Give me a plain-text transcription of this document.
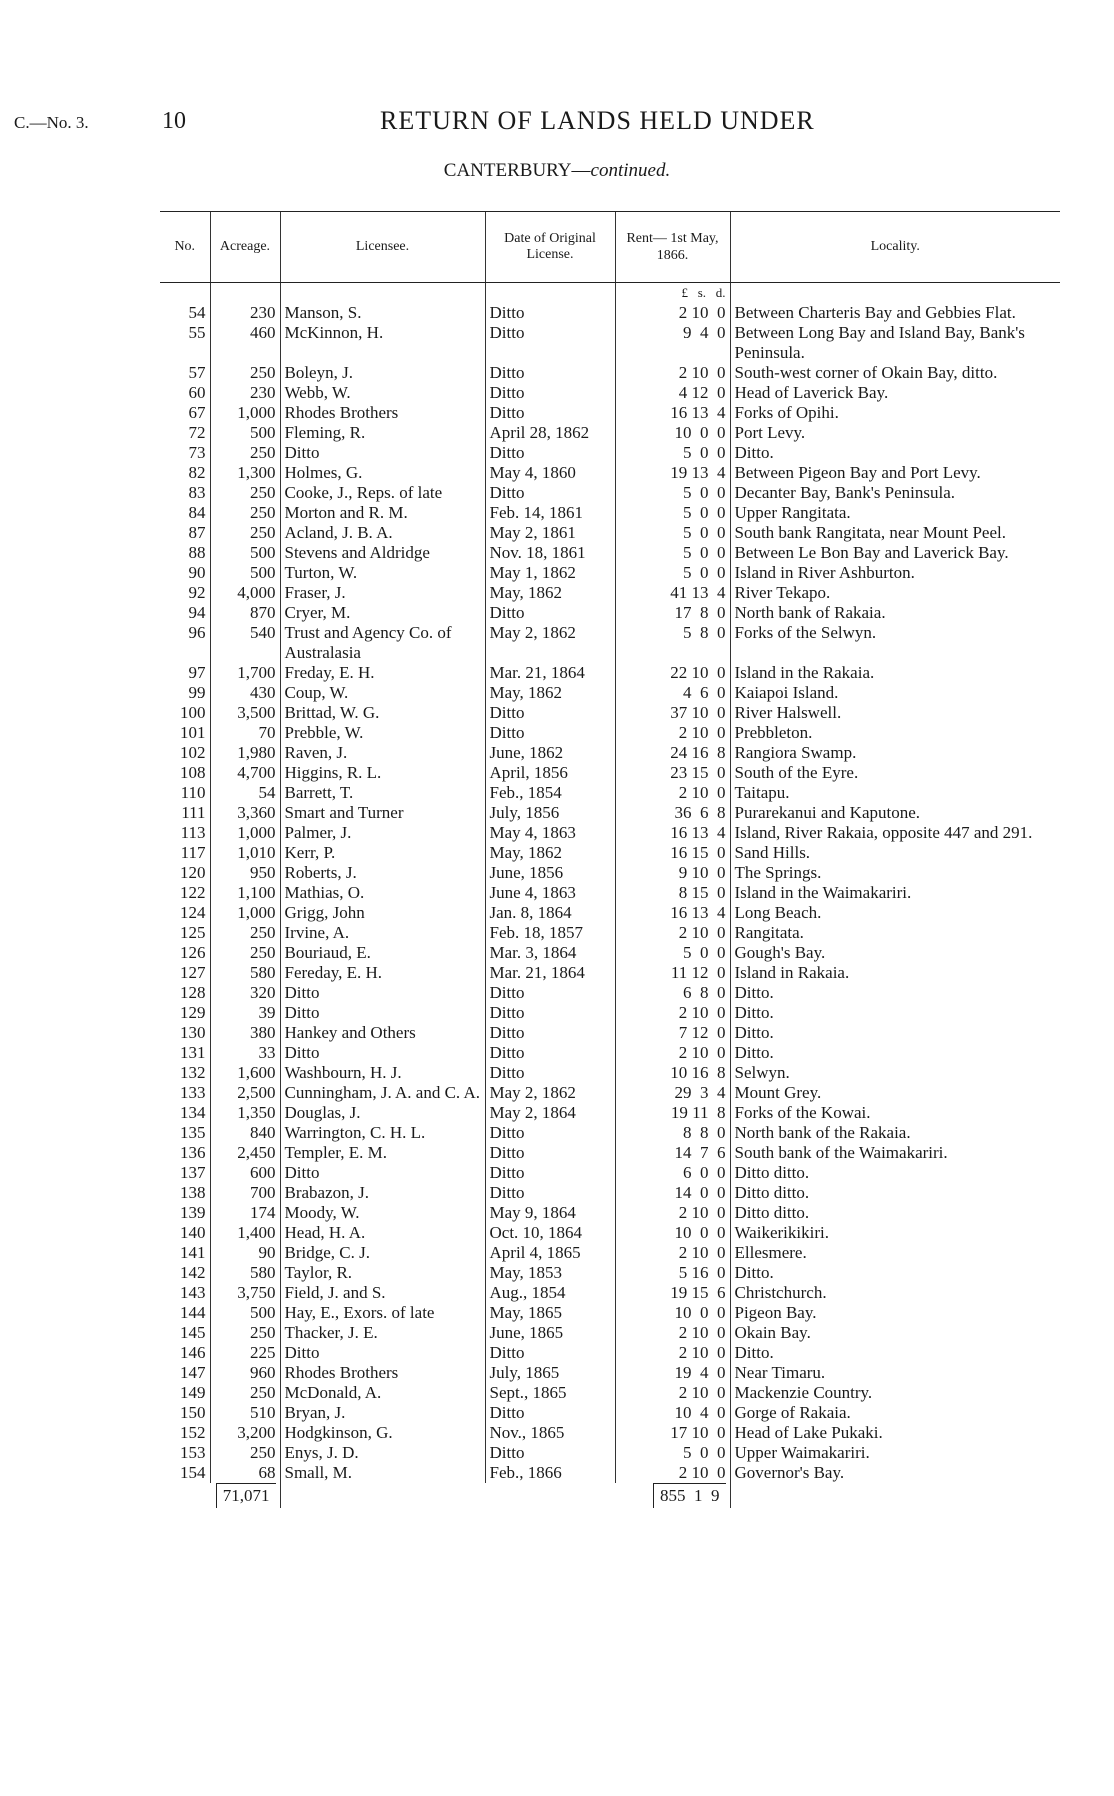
C.—No. 3.	10	RETURN OF LANDS HELD UNDER
CANTERBURY—continued.
No.	Acreage.	Licensee.	Date of Original License.	Rent— 1st May, 1866.	Locality.
				£   s.   d.	
54	230	Manson, S.	Ditto	2 10  0	Between Charteris Bay and Gebbies Flat.
55	460	McKinnon, H.	Ditto	9  4  0	Between Long Bay and Island Bay, Bank's Peninsula.
57	250	Boleyn, J.	Ditto	2 10  0	South-west corner of Okain Bay, ditto.
60	230	Webb, W.	Ditto	4 12  0	Head of Laverick Bay.
67	1,000	Rhodes Brothers	Ditto	16 13  4	Forks of Opihi.
72	500	Fleming, R.	April 28, 1862	10  0  0	Port Levy.
73	250	Ditto	Ditto	5  0  0	Ditto.
82	1,300	Holmes, G.	May 4, 1860	19 13  4	Between Pigeon Bay and Port Levy.
83	250	Cooke, J., Reps. of late	Ditto	5  0  0	Decanter Bay, Bank's Peninsula.
84	250	Morton and R. M.	Feb. 14, 1861	5  0  0	Upper Rangitata.
87	250	Acland, J. B. A.	May 2, 1861	5  0  0	South bank Rangitata, near Mount Peel.
88	500	Stevens and Aldridge	Nov. 18, 1861	5  0  0	Between Le Bon Bay and Laverick Bay.
90	500	Turton, W.	May 1, 1862	5  0  0	Island in River Ashburton.
92	4,000	Fraser, J.	May, 1862	41 13  4	River Tekapo.
94	870	Cryer, M.	Ditto	17  8  0	North bank of Rakaia.
96	540	Trust and Agency Co. of Australasia	May 2, 1862	5  8  0	Forks of the Selwyn.
97	1,700	Freday, E. H.	Mar. 21, 1864	22 10  0	Island in the Rakaia.
99	430	Coup, W.	May, 1862	4  6  0	Kaiapoi Island.
100	3,500	Brittad, W. G.	Ditto	37 10  0	River Halswell.
101	70	Prebble, W.	Ditto	2 10  0	Prebbleton.
102	1,980	Raven, J.	June, 1862	24 16  8	Rangiora Swamp.
108	4,700	Higgins, R. L.	April, 1856	23 15  0	South of the Eyre.
110	54	Barrett, T.	Feb., 1854	2 10  0	Taitapu.
111	3,360	Smart and Turner	July, 1856	36  6  8	Purarekanui and Kaputone.
113	1,000	Palmer, J.	May 4, 1863	16 13  4	Island, River Rakaia, opposite 447 and 291.
117	1,010	Kerr, P.	May, 1862	16 15  0	Sand Hills.
120	950	Roberts, J.	June, 1856	9 10  0	The Springs.
122	1,100	Mathias, O.	June 4, 1863	8 15  0	Island in the Waimakariri.
124	1,000	Grigg, John	Jan. 8, 1864	16 13  4	Long Beach.
125	250	Irvine, A.	Feb. 18, 1857	2 10  0	Rangitata.
126	250	Bouriaud, E.	Mar. 3, 1864	5  0  0	Gough's Bay.
127	580	Fereday, E. H.	Mar. 21, 1864	11 12  0	Island in Rakaia.
128	320	Ditto	Ditto	6  8  0	Ditto.
129	39	Ditto	Ditto	2 10  0	Ditto.
130	380	Hankey and Others	Ditto	7 12  0	Ditto.
131	33	Ditto	Ditto	2 10  0	Ditto.
132	1,600	Washbourn, H. J.	Ditto	10 16  8	Selwyn.
133	2,500	Cunningham, J. A. and C. A.	May 2, 1862	29  3  4	Mount Grey.
134	1,350	Douglas, J.	May 2, 1864	19 11  8	Forks of the Kowai.
135	840	Warrington, C. H. L.	Ditto	8  8  0	North bank of the Rakaia.
136	2,450	Templer, E. M.	Ditto	14  7  6	South bank of the Waimakariri.
137	600	Ditto	Ditto	6  0  0	Ditto ditto.
138	700	Brabazon, J.	Ditto	14  0  0	Ditto ditto.
139	174	Moody, W.	May 9, 1864	2 10  0	Ditto ditto.
140	1,400	Head, H. A.	Oct. 10, 1864	10  0  0	Waikerikikiri.
141	90	Bridge, C. J.	April 4, 1865	2 10  0	Ellesmere.
142	580	Taylor, R.	May, 1853	5 16  0	Ditto.
143	3,750	Field, J. and S.	Aug., 1854	19 15  6	Christchurch.
144	500	Hay, E., Exors. of late	May, 1865	10  0  0	Pigeon Bay.
145	250	Thacker, J. E.	June, 1865	2 10  0	Okain Bay.
146	225	Ditto	Ditto	2 10  0	Ditto.
147	960	Rhodes Brothers	July, 1865	19  4  0	Near Timaru.
149	250	McDonald, A.	Sept., 1865	2 10  0	Mackenzie Country.
150	510	Bryan, J.	Ditto	10  4  0	Gorge of Rakaia.
152	3,200	Hodgkinson, G.	Nov., 1865	17 10  0	Head of Lake Pukaki.
153	250	Enys, J. D.	Ditto	5  0  0	Upper Waimakariri.
154	68	Small, M.	Feb., 1866	2 10  0	Governor's Bay.
	71,071			855  1  9	
